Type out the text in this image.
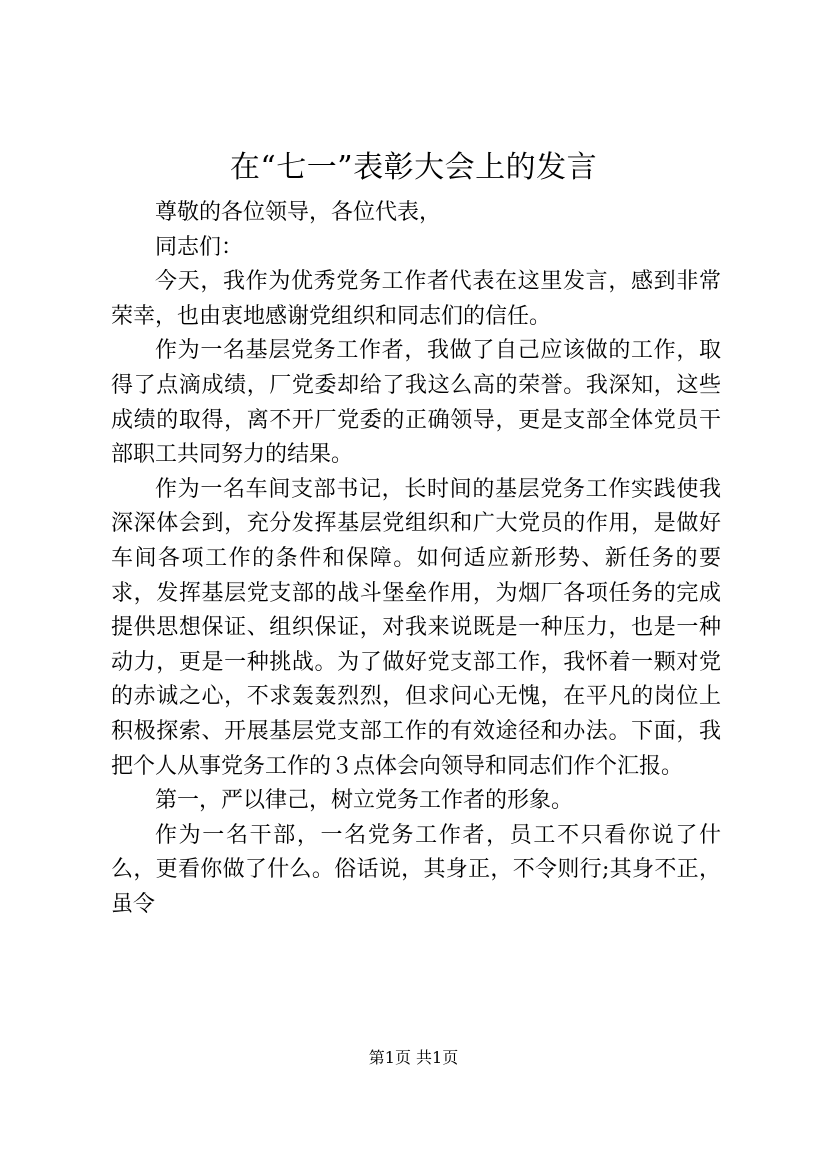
在“七一”表彰大会上的发言

尊敬的各位领导，各位代表，

同志们：

今天，我作为优秀党务工作者代表在这里发言，感到非常荣幸，也由衷地感谢党组织和同志们的信任。

作为一名基层党务工作者，我做了自己应该做的工作，取得了点滴成绩，厂党委却给了我这么高的荣誉。我深知，这些成绩的取得，离不开厂党委的正确领导，更是支部全体党员干部职工共同努力的结果。

作为一名车间支部书记，长时间的基层党务工作实践使我深深体会到，充分发挥基层党组织和广大党员的作用，是做好车间各项工作的条件和保障。如何适应新形势、新任务的要求，发挥基层党支部的战斗堡垒作用，为烟厂各项任务的完成提供思想保证、组织保证，对我来说既是一种压力，也是一种动力，更是一种挑战。为了做好党支部工作，我怀着一颗对党的赤诚之心，不求轰轰烈烈，但求问心无愧，在平凡的岗位上积极探索、开展基层党支部工作的有效途径和办法。下面，我把个人从事党务工作的３点体会向领导和同志们作个汇报。

第一，严以律己，树立党务工作者的形象。

作为一名干部，一名党务工作者，员工不只看你说了什么，更看你做了什么。俗话说，其身正，不令则行;其身不正，虽令

第1页 共1页
